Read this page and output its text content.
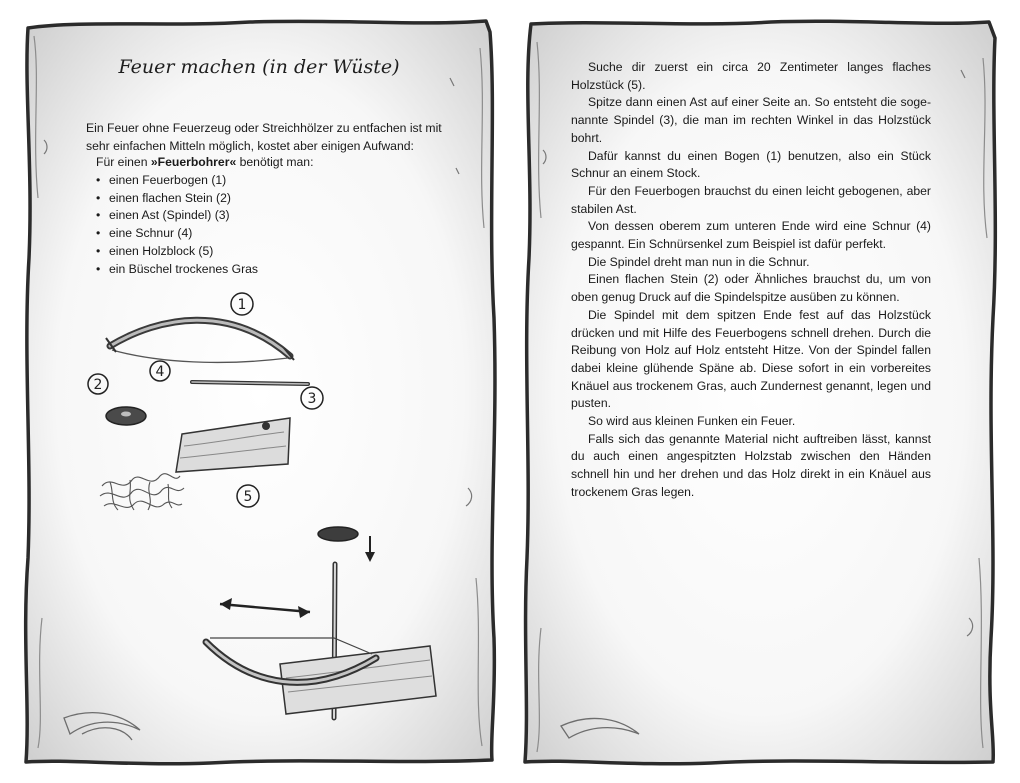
Feuer machen (in der Wüste)
Ein Feuer ohne Feuerzeug oder Streichhölzer zu entfachen ist mit sehr einfachen Mitteln möglich, kostet aber einigen Aufwand:
Für einen »Feuerbohrer« benötigt man:
• einen Feuerbogen (1)
• einen flachen Stein (2)
• einen Ast (Spindel) (3)
• eine Schnur (4)
• einen Holzblock (5)
• ein Büschel trockenes Gras
1
4
2
3
5

Suche dir zuerst ein circa 20 Zentimeter langes flaches Holzstück (5).

Spitze dann einen Ast auf einer Seite an. So entsteht die sogenannte Spindel (3), die man im rechten Winkel in das Holzstück bohrt.

Dafür kannst du einen Bogen (1) benutzen, also ein Stück Schnur an einem Stock.

Für den Feuerbogen brauchst du einen leicht gebogenen, aber stabilen Ast.

Von dessen oberem zum unteren Ende wird eine Schnur (4) gespannt. Ein Schnürsenkel zum Beispiel ist dafür perfekt.

Die Spindel dreht man nun in die Schnur.

Einen flachen Stein (2) oder Ähnliches brauchst du, um von oben genug Druck auf die Spindelspitze ausüben zu können.

Die Spindel mit dem spitzen Ende fest auf das Holzstück drücken und mit Hilfe des Feuerbogens schnell drehen. Durch die Reibung von Holz auf Holz entsteht Hitze. Von der Spindel fallen dabei kleine glühende Späne ab. Diese sofort in ein vorbereites Knäuel aus trockenem Gras, auch Zundernest genannt, legen und pusten.

So wird aus kleinen Funken ein Feuer.

Falls sich das genannte Material nicht auftreiben lässt, kannst du auch einen angespitzten Holzstab zwischen den Händen schnell hin und her drehen und das Holz direkt in ein Knäuel aus trockenem Gras legen.
